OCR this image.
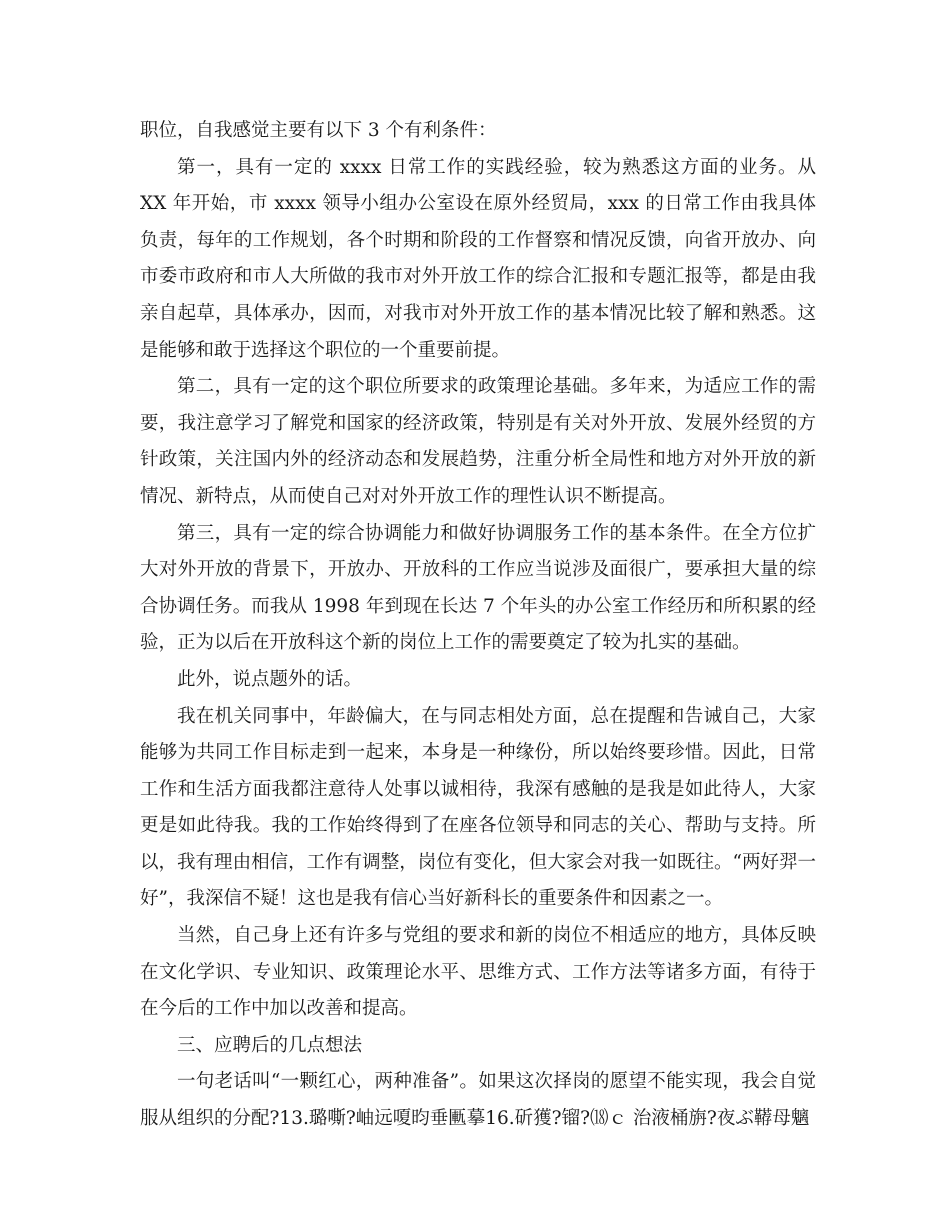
职位，自我感觉主要有以下 3 个有利条件：

第一，具有一定的 xxxx 日常工作的实践经验，较为熟悉这方面的业务。从 XX 年开始，市 xxxx 领导小组办公室设在原外经贸局，xxx 的日常工作由我具体负责，每年的工作规划，各个时期和阶段的工作督察和情况反馈，向省开放办、向市委市政府和市人大所做的我市对外开放工作的综合汇报和专题汇报等，都是由我亲自起草，具体承办，因而，对我市对外开放工作的基本情况比较了解和熟悉。这是能够和敢于选择这个职位的一个重要前提。

第二，具有一定的这个职位所要求的政策理论基础。多年来，为适应工作的需要，我注意学习了解党和国家的经济政策，特别是有关对外开放、发展外经贸的方针政策，关注国内外的经济动态和发展趋势，注重分析全局性和地方对外开放的新情况、新特点，从而使自己对对外开放工作的理性认识不断提高。

第三，具有一定的综合协调能力和做好协调服务工作的基本条件。在全方位扩大对外开放的背景下，开放办、开放科的工作应当说涉及面很广，要承担大量的综合协调任务。而我从 1998 年到现在长达 7 个年头的办公室工作经历和所积累的经验，正为以后在开放科这个新的岗位上工作的需要奠定了较为扎实的基础。

此外，说点题外的话。

我在机关同事中，年龄偏大，在与同志相处方面，总在提醒和告诫自己，大家能够为共同工作目标走到一起来，本身是一种缘份，所以始终要珍惜。因此，日常工作和生活方面我都注意待人处事以诚相待，我深有感触的是我是如此待人，大家更是如此待我。我的工作始终得到了在座各位领导和同志的关心、帮助与支持。所以，我有理由相信，工作有调整，岗位有变化，但大家会对我一如既往。“两好羿一好”，我深信不疑！这也是我有信心当好新科长的重要条件和因素之一。

当然，自己身上还有许多与党组的要求和新的岗位不相适应的地方，具体反映在文化学识、专业知识、政策理论水平、思维方式、工作方法等诸多方面，有待于在今后的工作中加以改善和提高。

三、应聘后的几点想法

一句老话叫“一颗红心，两种准备”。如果这次择岗的愿望不能实现，我会自觉服从组织的分配?13.璐嘶?岫远嗄昀垂匭摹16.斫獲?镏?⒅ｃ 治液桶旃?夜ぶ鞯母魑
